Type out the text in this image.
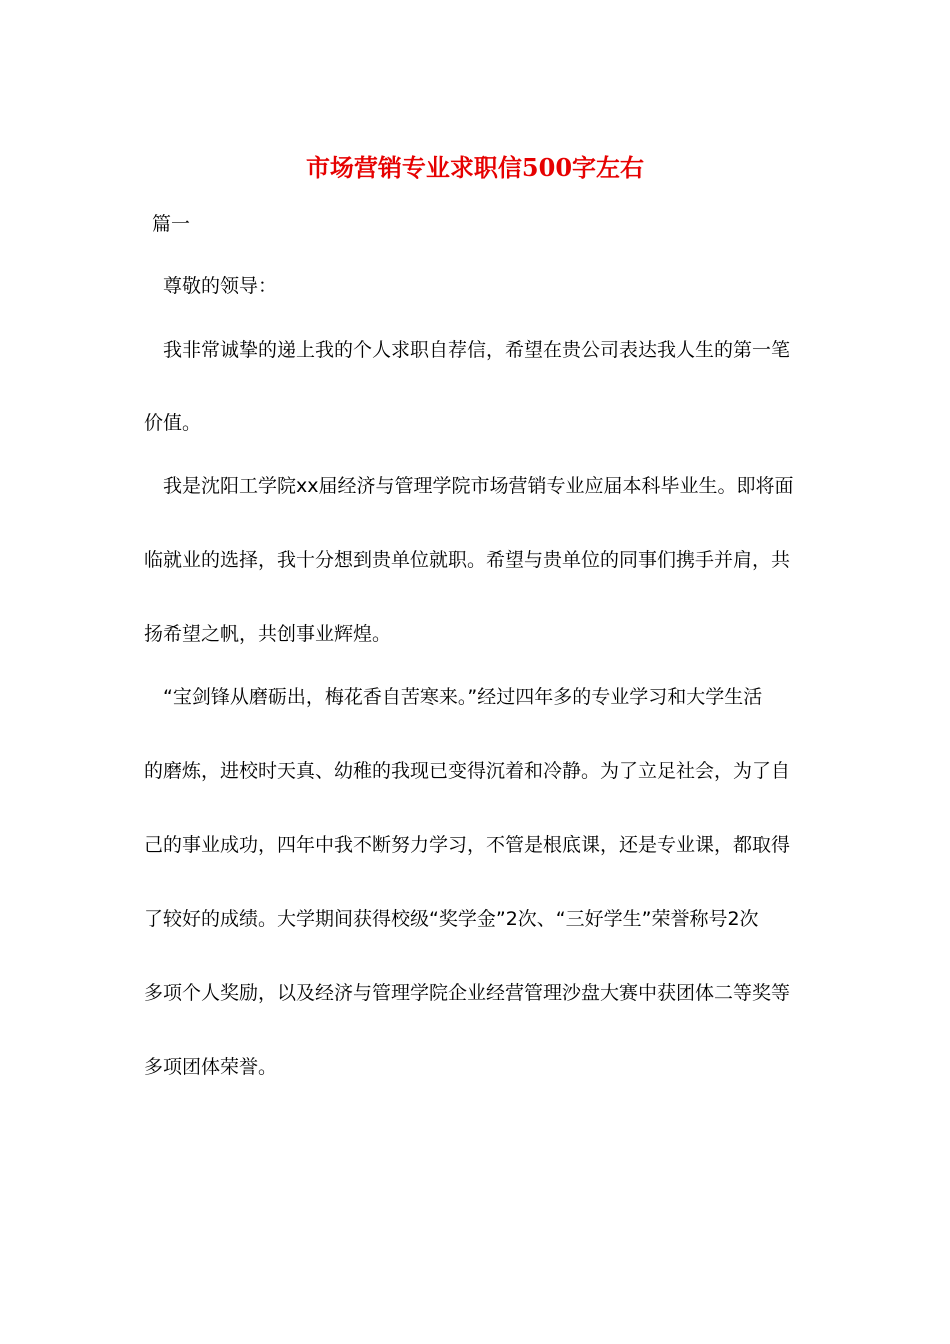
市场营销专业求职信500字左右
篇一
尊敬的领导：
　我非常诚挚的递上我的个人求职自荐信，希望在贵公司表达我人生的第一笔
价值。
　我是沈阳工学院xx届经济与管理学院市场营销专业应届本科毕业生。即将面
临就业的选择，我十分想到贵单位就职。希望与贵单位的同事们携手并肩，共
扬希望之帆，共创事业辉煌。
　“宝剑锋从磨砺出，梅花香自苦寒来。”经过四年多的专业学习和大学生活
的磨炼，进校时天真、幼稚的我现已变得沉着和冷静。为了立足社会，为了自
己的事业成功，四年中我不断努力学习，不管是根底课，还是专业课，都取得
了较好的成绩。大学期间获得校级“奖学金”2次、“三好学生”荣誉称号2次
多项个人奖励，以及经济与管理学院企业经营管理沙盘大赛中获团体二等奖等
多项团体荣誉。
